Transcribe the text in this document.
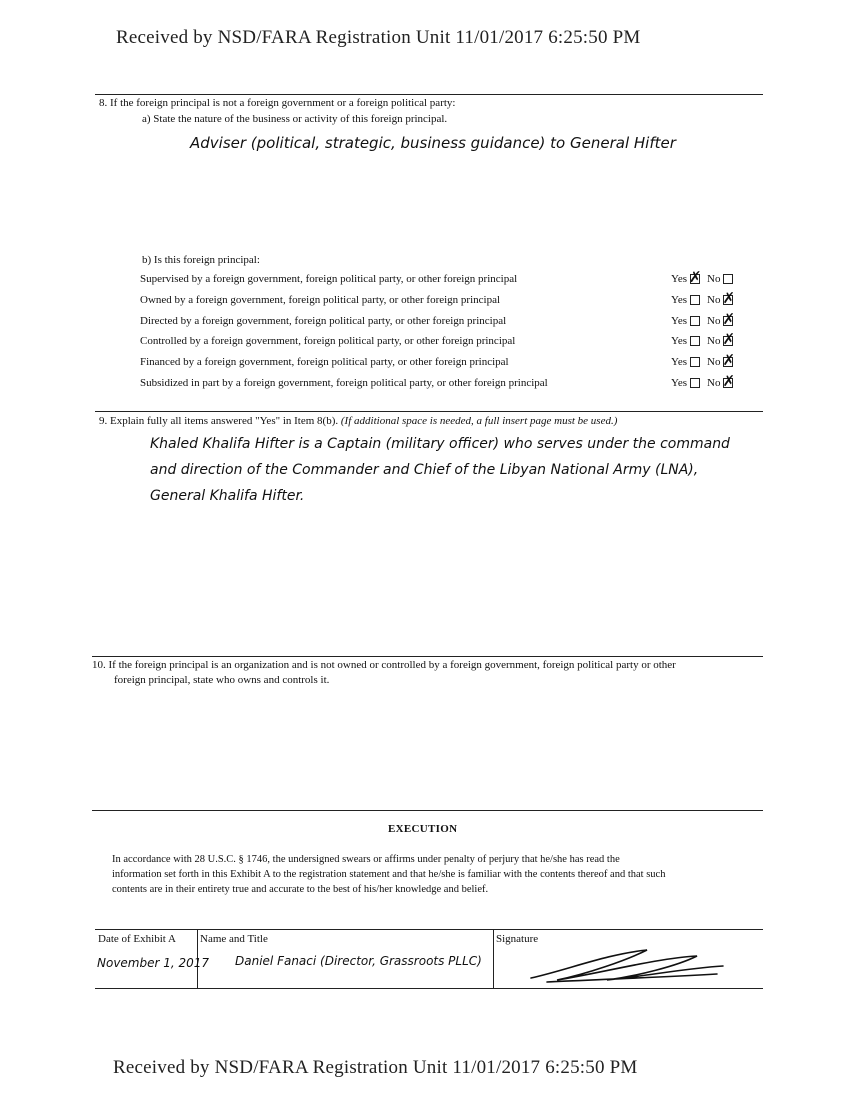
Received by NSD/FARA Registration Unit 11/01/2017 6:25:50 PM
8. If the foreign principal is not a foreign government or a foreign political party:
a) State the nature of the business or activity of this foreign principal.
Adviser (political, strategic, business guidance) to General Hifter
b) Is this foreign principal:
Supervised by a foreign government, foreign political party, or other foreign principal
Owned by a foreign government, foreign political party, or other foreign principal
Directed by a foreign government, foreign political party, or other foreign principal
Controlled by a foreign government, foreign political party, or other foreign principal
Financed by a foreign government, foreign political party, or other foreign principal
Subsidized in part by a foreign government, foreign political party, or other foreign principal
Yes
✗ No
Yes No
✗
Yes No
✗
Yes No
✗
Yes No
✗
Yes No
✗
9. Explain fully all items answered "Yes" in Item 8(b). (If additional space is needed, a full insert page must be used.)
Khaled Khalifa Hifter is a Captain (military officer) who serves under the command
and direction of the Commander and Chief of the Libyan National Army (LNA),
General Khalifa Hifter.
10. If the foreign principal is an organization and is not owned or controlled by a foreign government, foreign political party or other
foreign principal, state who owns and controls it.
EXECUTION
In accordance with 28 U.S.C. § 1746, the undersigned swears or affirms under penalty of perjury that he/she has read the
information set forth in this Exhibit A to the registration statement and that he/she is familiar with the contents thereof and that such
contents are in their entirety true and accurate to the best of his/her knowledge and belief.
Date of Exhibit A
November 1, 2017
Name and Title
Daniel Fanaci (Director, Grassroots PLLC)
Signature
Received by NSD/FARA Registration Unit 11/01/2017 6:25:50 PM
